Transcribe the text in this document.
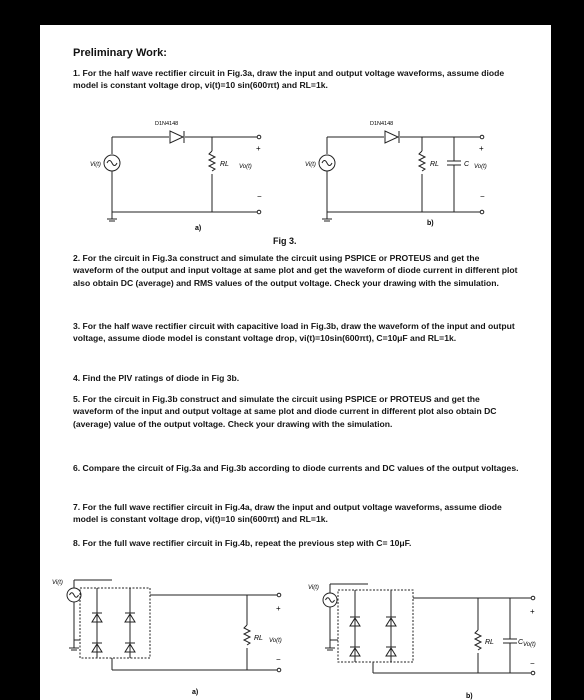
Preliminary Work:
1. For the half wave rectifier circuit in Fig.3a, draw the input and output voltage waveforms, assume diode model is constant voltage drop, vi(t)=10 sin(600πt) and RL=1k.
D1N4148
Vi(t)	RL Vo(t)
+
−
a)
D1N4148
Vi(t)	RL	C Vo(t)
+
−
b)
Fig 3.
2. For the circuit in Fig.3a construct and simulate the circuit using PSPICE or PROTEUS and get the waveform of the output and input voltage at same plot and get the waveform of diode current in different plot also obtain DC (average) and RMS values of the output voltage. Check your drawing with the simulation.
3. For the half wave rectifier circuit with capacitive load in Fig.3b, draw the waveform of the input and output voltage, assume diode model is constant voltage drop, vi(t)=10sin(600πt), C=10μF and RL=1k.
4. Find the PIV ratings of diode in Fig 3b.
5. For the circuit in Fig.3b construct and simulate the circuit using PSPICE or PROTEUS and get the waveform of the input and output voltage at same plot and diode current in different plot also obtain DC (average) value of the output voltage. Check your drawing with the simulation.
6. Compare the circuit of Fig.3a and Fig.3b according to diode currents and DC values of the output voltages.
7. For the full wave rectifier circuit in Fig.4a, draw the input and output voltage waveforms, assume diode model is constant voltage drop, vi(t)=10 sin(600πt) and RL=1k.
8. For the full wave rectifier circuit in Fig.4b, repeat the previous step with C= 10μF.
Vi(t)
RL Vo(t)
+
−
a)
Vi(t)
RL	C Vo(t)
+
−
b)
